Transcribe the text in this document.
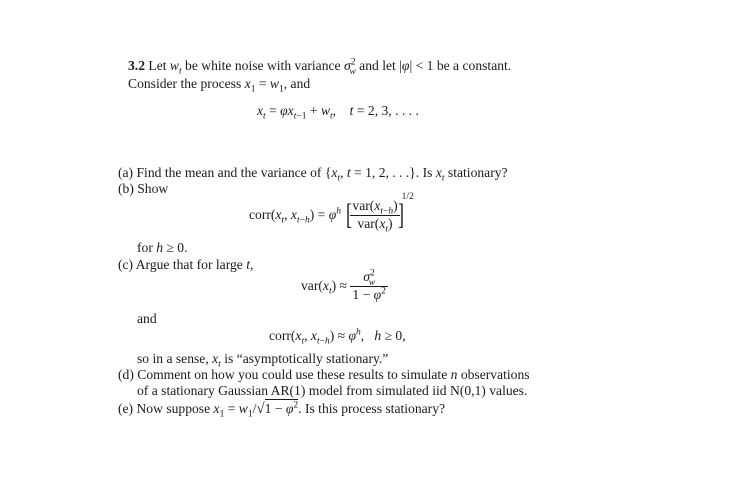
3.2 Let $w_t$ be white noise with variance $\sigma^2_w$ and let |φ| < 1 be a constant.
Consider the process $x_1 = w_1$, and
$x_t = \varphi x_{t-1} + w_t$,    t = 2, 3, . . . .
(a) Find the mean and the variance of {$x_t$, t = 1, 2, . . .}. Is $x_t$ stationary?
(b) Show
$corr(x_t$, $x_{t-h}) = \varphi^h$ [
$\frac{var(x_{t-h})}{var(x_t)}$
]$^{1/2}$
for h ≥ 0.
(c) Argue that for large t,
$var(x_t) \approx \frac{\sigma^2_w}{1 - \varphi^2}$
and
$corr(x_t$, $x_{t-h}) \approx \varphi^h$,   h ≥ 0,
so in a sense, $x_t$ is “asymptotically stationary.”
(d) Comment on how you could use these results to simulate n observations
of a stationary Gaussian AR(1) model from simulated iid N(0,1) values.
(e) Now suppose $x_1 = w_1/√1 - \varphi^2$. Is this process stationary?
